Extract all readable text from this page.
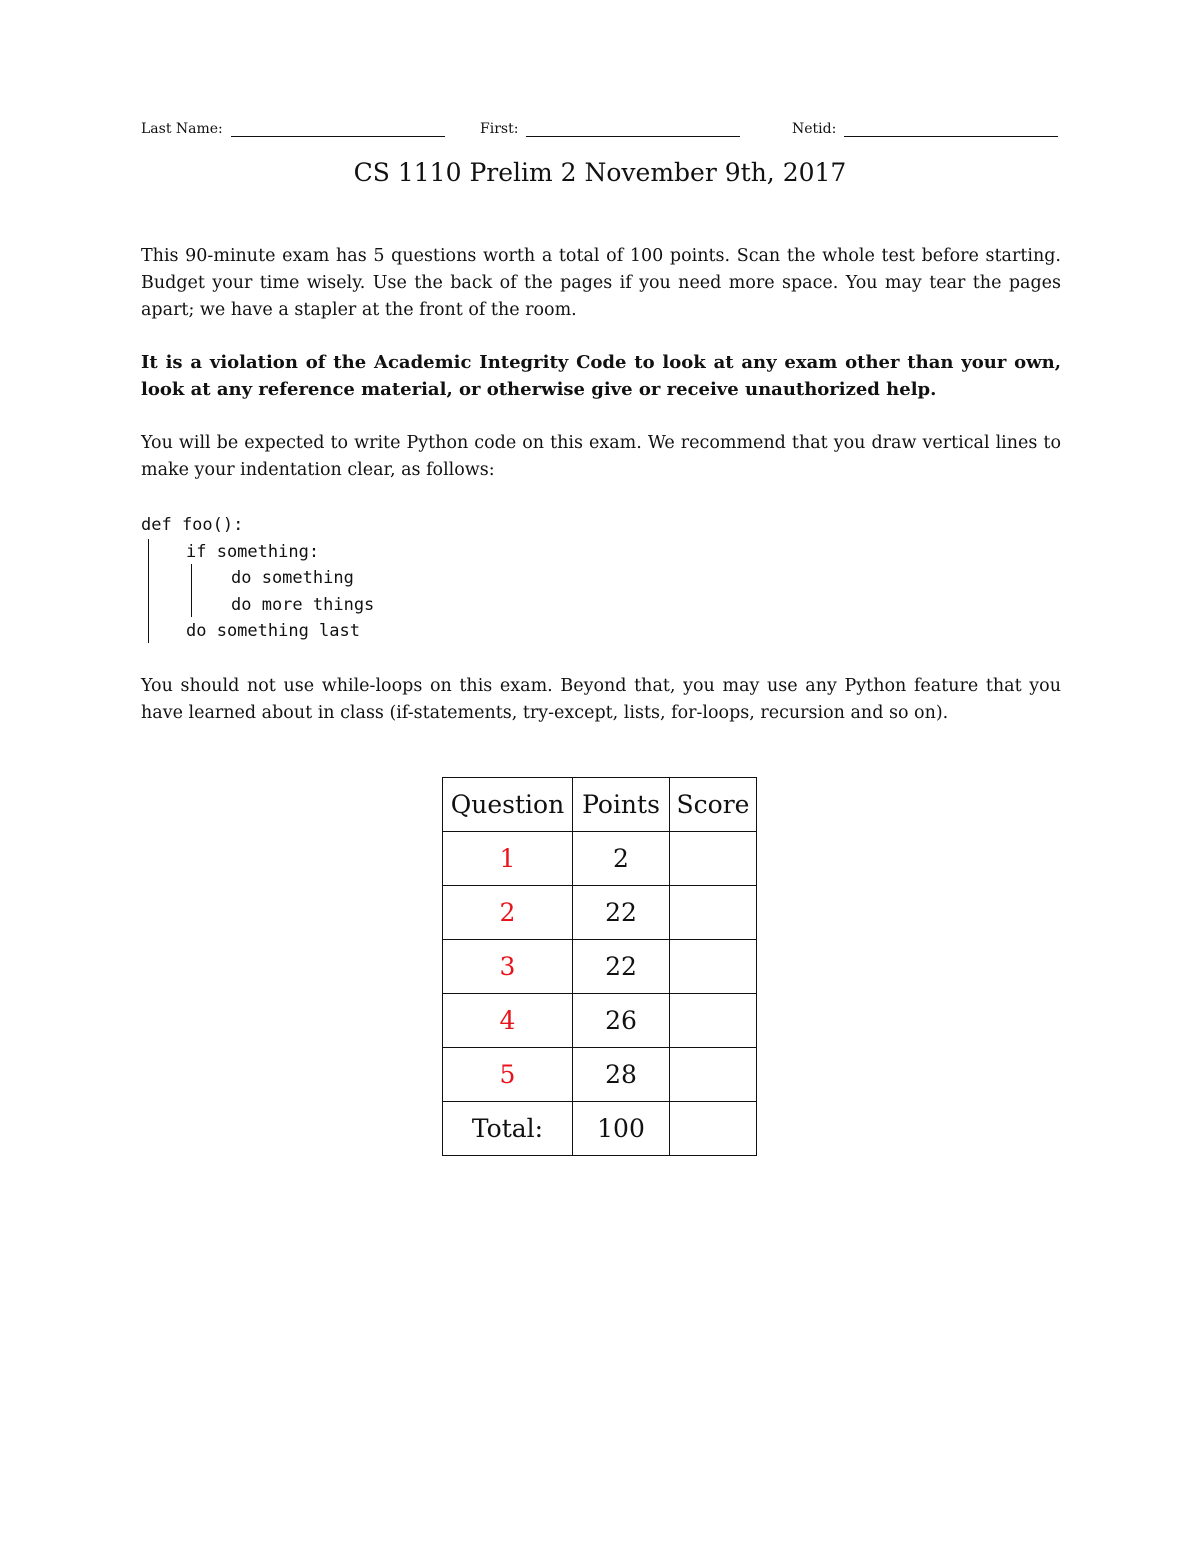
Last Name:	First:	Netid:
CS 1110 Prelim 2 November 9th, 2017
This 90-minute exam has 5 questions worth a total of 100 points. Scan the whole test before starting. Budget your time wisely. Use the back of the pages if you need more space. You may tear the pages apart; we have a stapler at the front of the room.
It is a violation of the Academic Integrity Code to look at any exam other than your own, look at any reference material, or otherwise give or receive unauthorized help.
You will be expected to write Python code on this exam. We recommend that you draw vertical lines to make your indentation clear, as follows:
def foo():
if something:
do something
do more things
do something last
You should not use while-loops on this exam. Beyond that, you may use any Python feature that you have learned about in class (if-statements, try-except, lists, for-loops, recursion and so on).
Question	Points	Score
1	2	
2	22	
3	22	
4	26	
5	28	
Total:	100	
